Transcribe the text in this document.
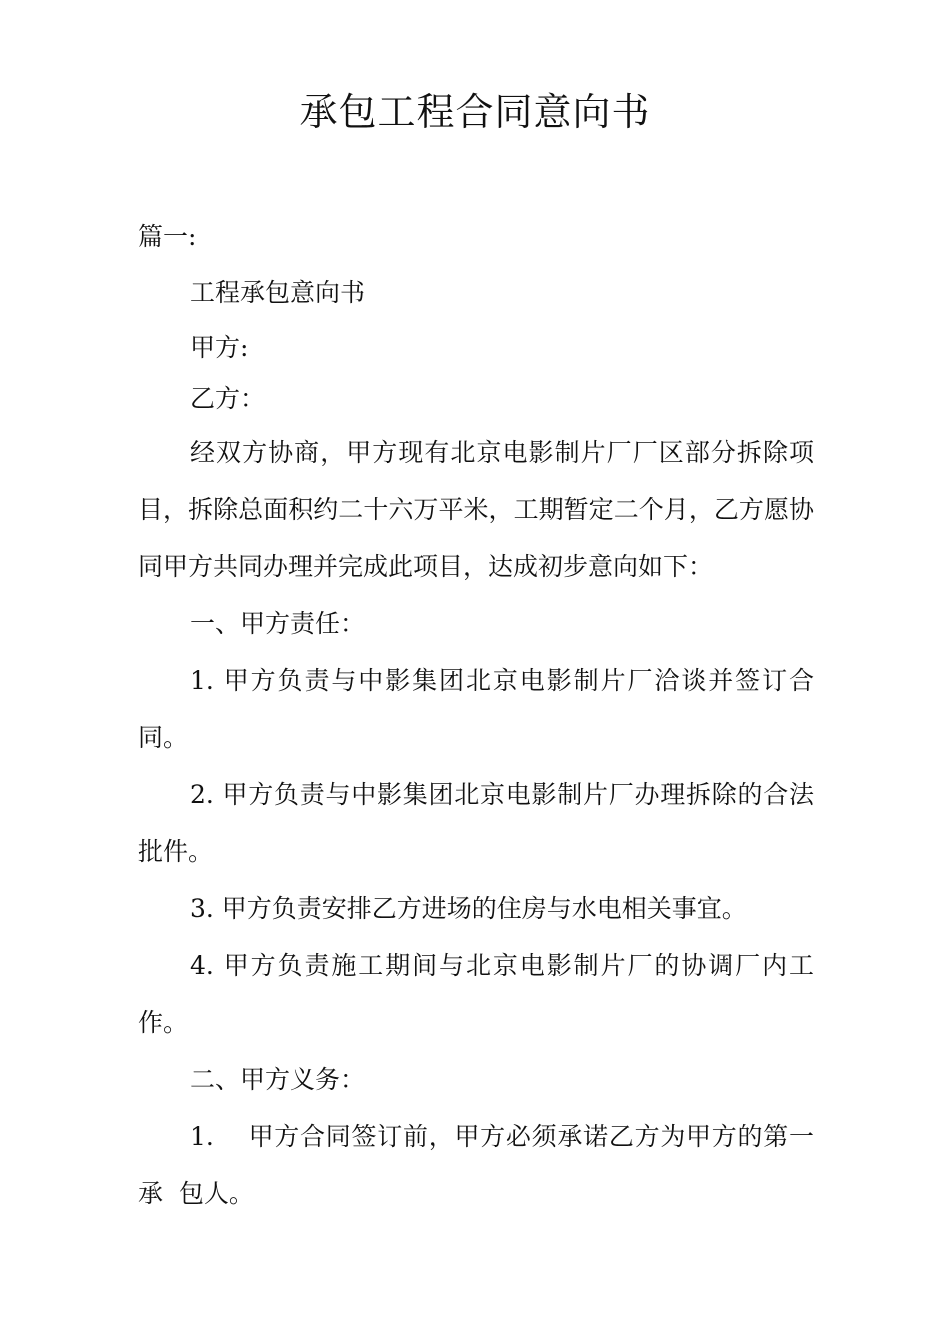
承包工程合同意向书

篇一:

工程承包意向书

甲方:

乙方：

经双方协商，甲方现有北京电影制片厂厂区部分拆除项目，拆除总面积约二十六万平米，工期暂定二个月，乙方愿协同甲方共同办理并完成此项目，达成初步意向如下：

一、甲方责任：

1. 甲方负责与中影集团北京电影制片厂洽谈并签订合同。

2. 甲方负责与中影集团北京电影制片厂办理拆除的合法批件。

3. 甲方负责安排乙方进场的住房与水电相关事宜。

4. 甲方负责施工期间与北京电影制片厂的协调厂内工作。

二、甲方义务：

1.    甲方合同签订前，甲方必须承诺乙方为甲方的第一承  包人。
